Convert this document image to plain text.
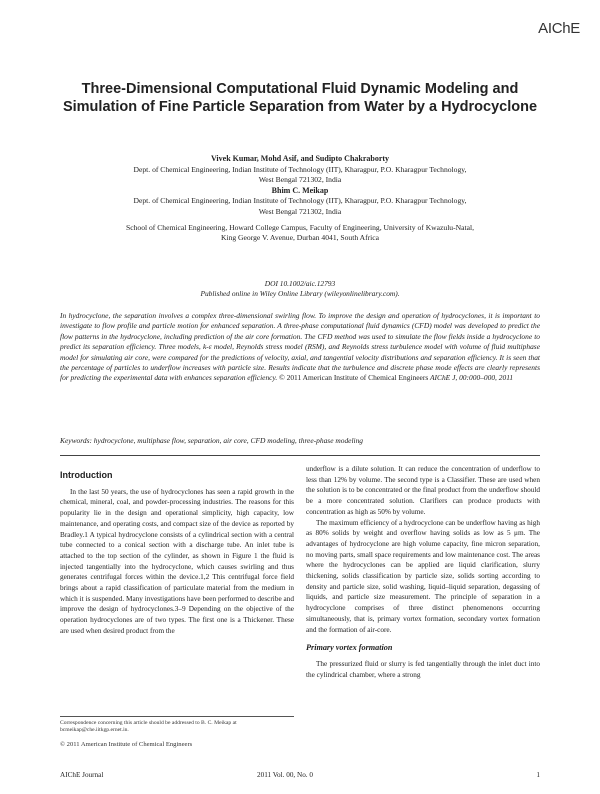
AIChE
Three-Dimensional Computational Fluid Dynamic Modeling and Simulation of Fine Particle Separation from Water by a Hydrocyclone
Vivek Kumar, Mohd Asif, and Sudipto Chakraborty
Dept. of Chemical Engineering, Indian Institute of Technology (IIT), Kharagpur, P.O. Kharagpur Technology,
West Bengal 721302, India
Bhim C. Meikap
Dept. of Chemical Engineering, Indian Institute of Technology (IIT), Kharagpur, P.O. Kharagpur Technology,
West Bengal 721302, India
School of Chemical Engineering, Howard College Campus, Faculty of Engineering, University of Kwazulu-Natal,
King George V. Avenue, Durban 4041, South Africa
DOI 10.1002/aic.12793
Published online in Wiley Online Library (wileyonlinelibrary.com).

In hydrocyclone, the separation involves a complex three-dimensional swirling flow. To improve the design and operation of hydrocyclones, it is important to investigate to flow profile and particle motion for enhanced separation. A three-phase computational fluid dynamics (CFD) model was developed to predict the flow patterns in the hydrocyclone, including prediction of the air core formation. The CFD method was used to simulate the flow fields inside a hydrocyclone to predict its separation efficiency. Three models, k-ε model, Reynolds stress model (RSM), and Reynolds stress turbulence model with volume of fluid multiphase model for simulating air core, were compared for the predictions of velocity, axial, and tangential velocity distributions and separation efficiency. It is seen that the percentage of particles to underflow increases with particle size. Results indicate that the turbulence and discrete phase mode effects are clearly represents for predicting the experimental data with enhances separation efficiency. © 2011 American Institute of Chemical Engineers AIChE J, 00:000–000, 2011

Keywords: hydrocyclone, multiphase flow, separation, air core, CFD modeling, three-phase modeling
Introduction

In the last 50 years, the use of hydrocyclones has seen a rapid growth in the chemical, mineral, coal, and powder-processing industries. The reasons for this popularity lie in the design and operational simplicity, high capacity, low maintenance, and operating costs, and compact size of the device as reported by Bradley.1 A typical hydrocyclone consists of a cylindrical section with a central tube connected to a conical section with a discharge tube. An inlet tube is attached to the top section of the cylinder, as shown in Figure 1 the fluid is injected tangentially into the hydrocyclone, which causes swirling and thus generates centrifugal forces within the device.1,2 This centrifugal force field brings about a rapid classification of particulate material from the medium in which it is suspended. Many investigations have been performed to describe and improve the design of hydrocyclones.3–9 Depending on the objective of the operation hydrocyclones are of two types. The first one is a Thickener. These are used when desired product from the

underflow is a dilute solution. It can reduce the concentration of underflow to less than 12% by volume. The second type is a Classifier. These are used when the solution is to be concentrated or the final product from the underflow should be a more concentrated solution. Clarifiers can produce products with concentration as high as 50% by volume.

The maximum efficiency of a hydrocyclone can be underflow having as high as 80% solids by weight and overflow having solids as low as 5 μm. The advantages of hydrocyclone are high volume capacity, fine micron separation, no moving parts, small space requirements and low maintenance cost. The areas where the hydrocyclones can be applied are liquid clarification, slurry thickening, solids classification by particle size, solids sorting according to density and particle size, solid washing, liquid–liquid separation, degassing of liquids, and particle size measurement. The principle of separation in a hydrocyclone comprises of three distinct phenomenons occurring simultaneously, that is, primary vortex formation, secondary vortex formation and the formation of air-core.

Primary vortex formation

The pressurized fluid or slurry is fed tangentially through the inlet duct into the cylindrical chamber, where a strong

Correspondence concerning this article should be addressed to B. C. Meikap at
bcmeikap@che.iitkgp.ernet.in.
© 2011 American Institute of Chemical Engineers
AIChE Journal	2011 Vol. 00, No. 0	1
